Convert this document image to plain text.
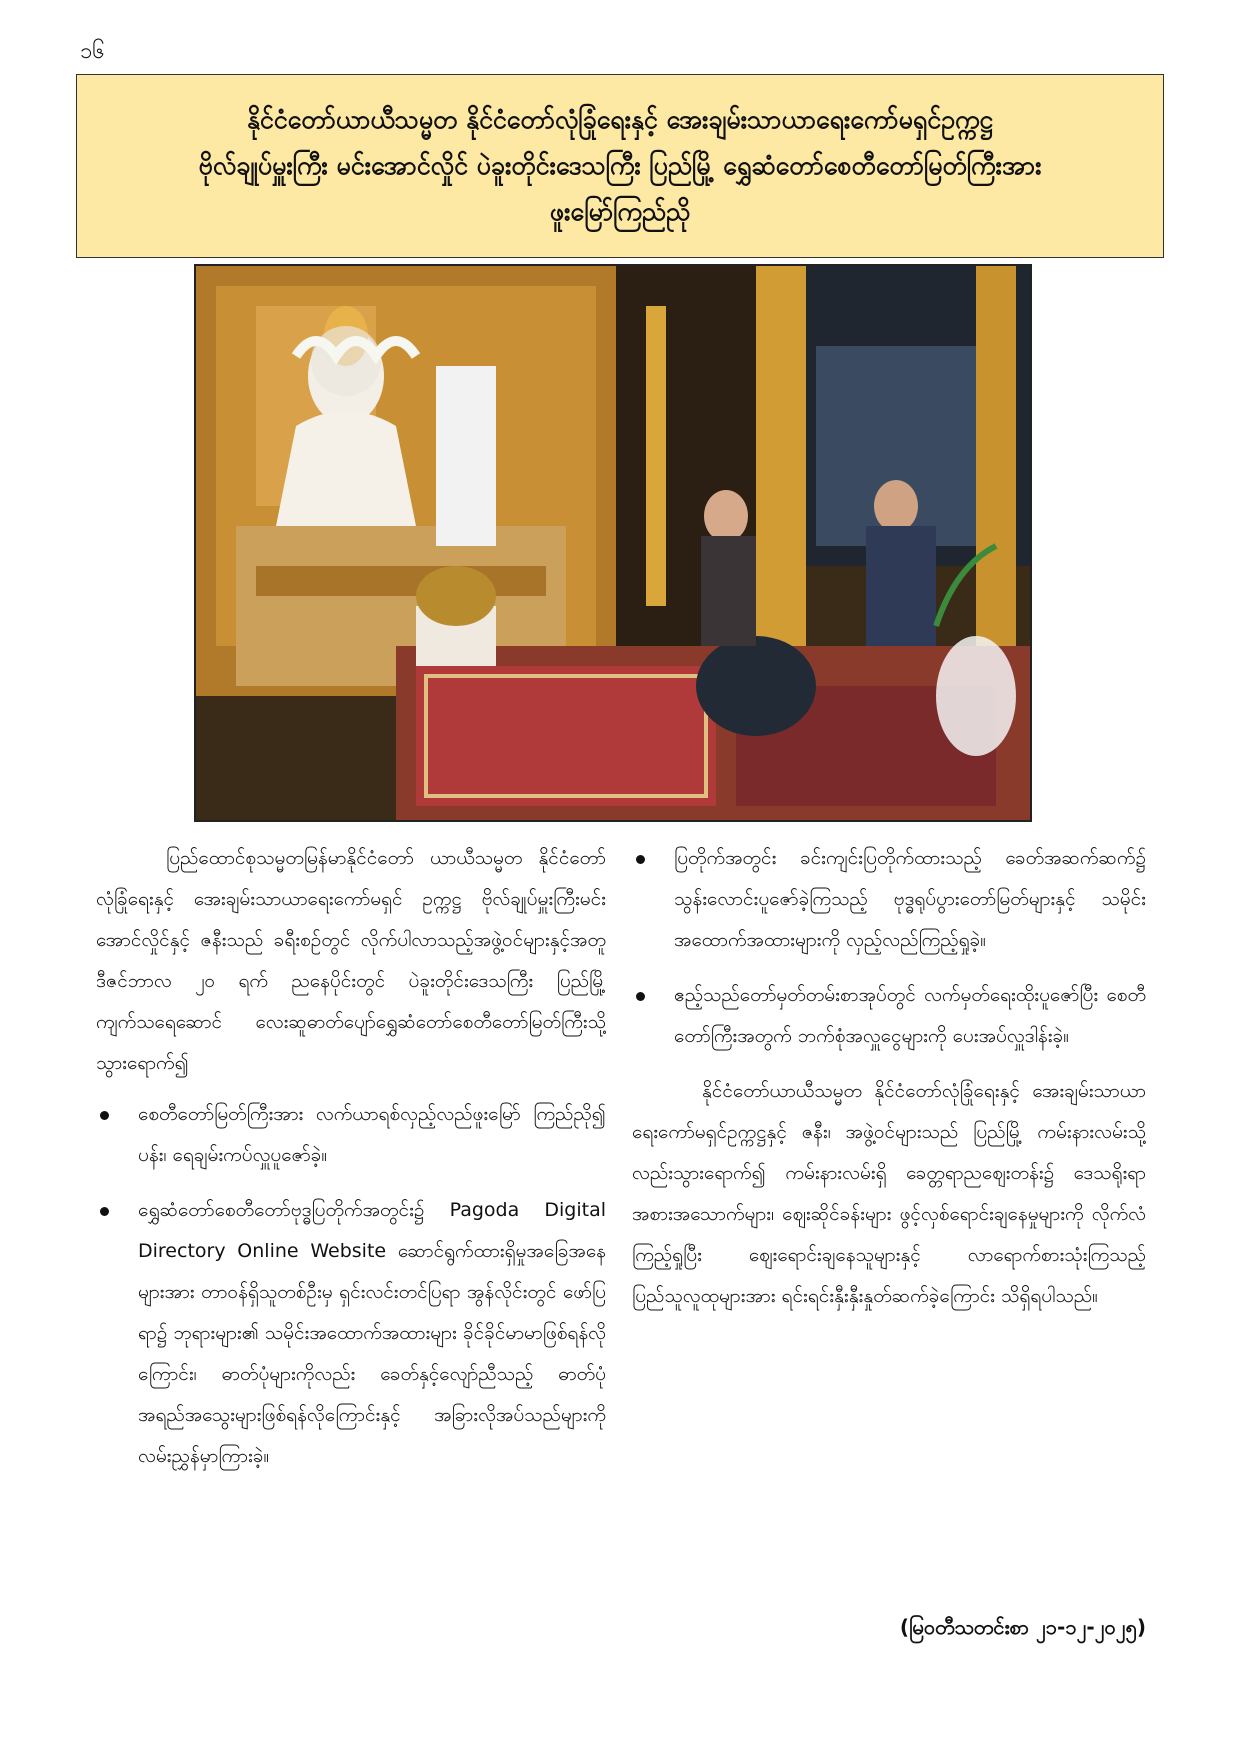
၁၆
နိုင်ငံတော်ယာယီသမ္မတ နိုင်ငံတော်လုံခြုံရေးနှင့် အေးချမ်းသာယာရေးကော်မရှင်ဥက္ကဋ္ဌ
ဗိုလ်ချုပ်မှူးကြီး မင်းအောင်လှိုင် ပဲခူးတိုင်းဒေသကြီး ပြည်မြို့ ရွှေဆံတော်စေတီတော်မြတ်ကြီးအား
ဖူးမြော်ကြည်ညို

ပြည်ထောင်စုသမ္မတမြန်မာနိုင်ငံတော် ယာယီသမ္မတ နိုင်ငံတော်လုံခြုံရေးနှင့် အေးချမ်းသာယာရေးကော်မရှင် ဥက္ကဋ္ဌ ဗိုလ်ချုပ်မှူးကြီးမင်းအောင်လှိုင်နှင့် ဇနီးသည် ခရီးစဉ်တွင် လိုက်ပါလာသည့်အဖွဲ့ဝင်များနှင့်အတူ ဒီဇင်ဘာလ ၂၀ ရက် ညနေပိုင်းတွင် ပဲခူးတိုင်းဒေသကြီး ပြည်မြို့ ကျက်သရေဆောင် လေးဆူဓာတ်ပျော်ရွှေဆံတော်စေတီတော်မြတ်ကြီးသို့ သွားရောက်၍

စေတီတော်မြတ်ကြီးအား လက်ယာရစ်လှည့်လည်ဖူးမြော် ကြည်ညို၍ ပန်း၊ ရေချမ်းကပ်လှူပူဇော်ခဲ့။
ရွှေဆံတော်စေတီတော်ဗုဒ္ဓပြတိုက်အတွင်း၌ Pagoda Digital Directory Online Website ဆောင်ရွက်ထားရှိမှုအခြေအနေများအား တာဝန်ရှိသူတစ်ဦးမှ ရှင်းလင်းတင်ပြရာ အွန်လိုင်းတွင် ဖော်ပြရာ၌ ဘုရားများ၏ သမိုင်းအထောက်အထားများ ခိုင်ခိုင်မာမာဖြစ်ရန်လိုကြောင်း၊ ဓာတ်ပုံများကိုလည်း ခေတ်နှင့်လျော်ညီသည့် ဓာတ်ပုံအရည်အသွေးများဖြစ်ရန်လိုကြောင်းနှင့် အခြားလိုအပ်သည်များကို လမ်းညွှန်မှာကြားခဲ့။
ပြတိုက်အတွင်း ခင်းကျင်းပြတိုက်ထားသည့် ခေတ်အဆက်ဆက်၌ သွန်းလောင်းပူဇော်ခဲ့ကြသည့် ဗုဒ္ဓရုပ်ပွားတော်မြတ်များနှင့် သမိုင်းအထောက်အထားများကို လှည့်လည်ကြည့်ရှုခဲ့။
ဧည့်သည်တော်မှတ်တမ်းစာအုပ်တွင် လက်မှတ်ရေးထိုးပူဇော်ပြီး စေတီတော်ကြီးအတွက် ဘက်စုံအလှူငွေများကို ပေးအပ်လှူဒါန်းခဲ့။

နိုင်ငံတော်ယာယီသမ္မတ နိုင်ငံတော်လုံခြုံရေးနှင့် အေးချမ်းသာယာရေးကော်မရှင်ဥက္ကဋ္ဌနှင့် ဇနီး၊ အဖွဲ့ဝင်များသည် ပြည်မြို့ ကမ်းနားလမ်းသို့လည်းသွားရောက်၍ ကမ်းနားလမ်းရှိ ခေတ္တရာညဈေးတန်း၌ ဒေသရိုးရာအစားအသောက်များ၊ ဈေးဆိုင်ခန်းများ ဖွင့်လှစ်ရောင်းချနေမှုများကို လိုက်လံကြည့်ရှုပြီး ဈေးရောင်းချနေသူများနှင့် လာရောက်စားသုံးကြသည့် ပြည်သူလူထုများအား ရင်းရင်းနှီးနှီးနှုတ်ဆက်ခဲ့ကြောင်း သိရှိရပါသည်။

(မြဝတီသတင်းစာ ၂၁-၁၂-၂၀၂၅)
